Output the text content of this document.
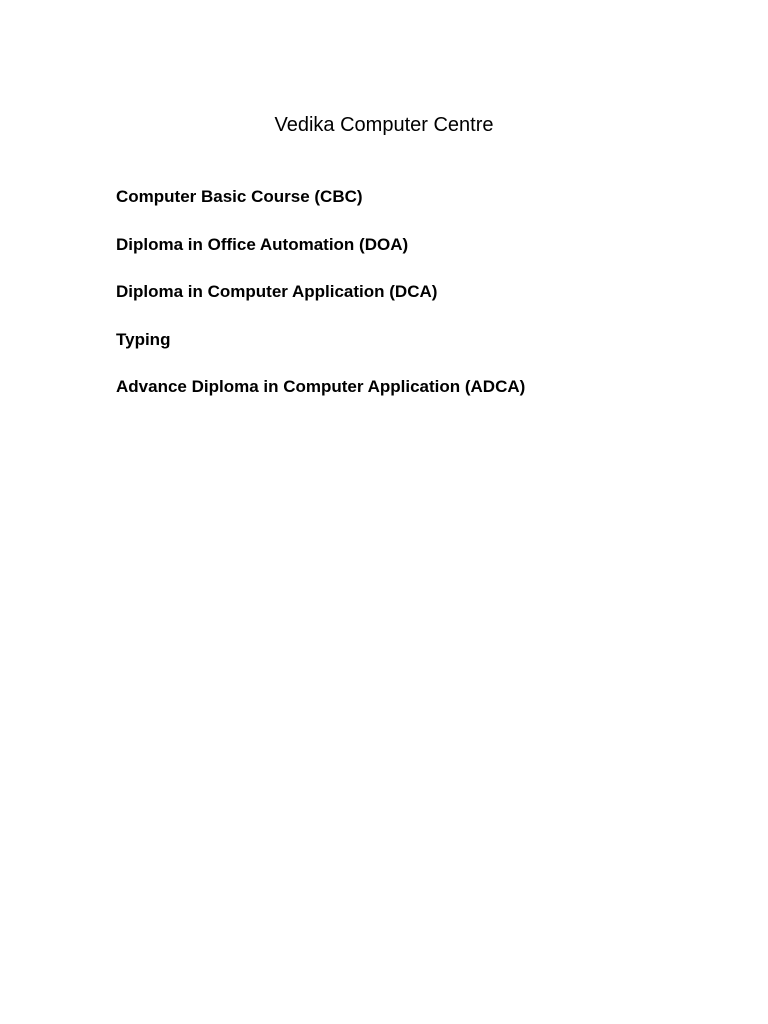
Vedika Computer Centre
Computer Basic Course (CBC)
Diploma in Office Automation (DOA)
Diploma in Computer Application (DCA)
Typing
Advance Diploma in Computer Application (ADCA)
